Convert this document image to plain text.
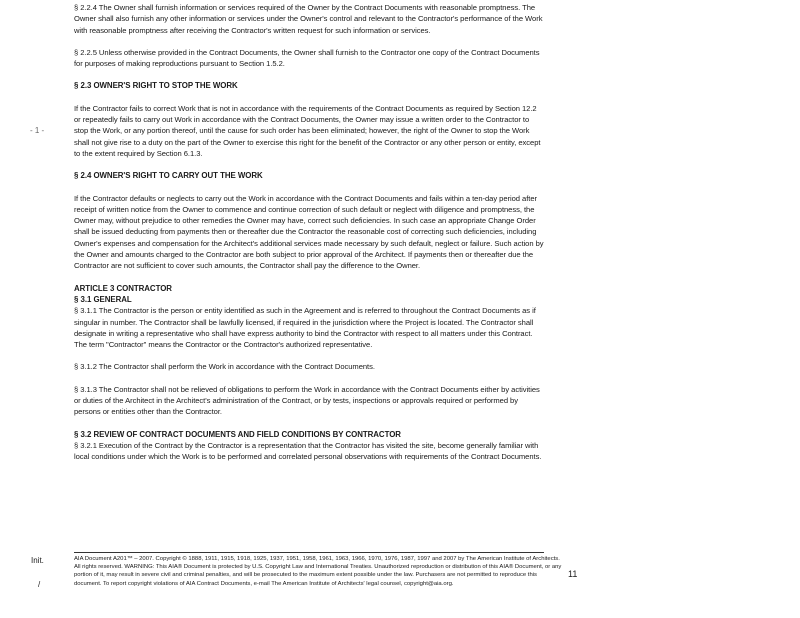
§ 2.2.4 The Owner shall furnish information or services required of the Owner by the Contract Documents with reasonable promptness. The Owner shall also furnish any other information or services under the Owner's control and relevant to the Contractor's performance of the Work with reasonable promptness after receiving the Contractor's written request for such information or services.

§ 2.2.5 Unless otherwise provided in the Contract Documents, the Owner shall furnish to the Contractor one copy of the Contract Documents for purposes of making reproductions pursuant to Section 1.5.2.

§ 2.3 OWNER'S RIGHT TO STOP THE WORK

If the Contractor fails to correct Work that is not in accordance with the requirements of the Contract Documents as required by Section 12.2 or repeatedly fails to carry out Work in accordance with the Contract Documents, the Owner may issue a written order to the Contractor to stop the Work, or any portion thereof, until the cause for such order has been eliminated; however, the right of the Owner to stop the Work shall not give rise to a duty on the part of the Owner to exercise this right for the benefit of the Contractor or any other person or entity, except to the extent required by Section 6.1.3.

§ 2.4 OWNER'S RIGHT TO CARRY OUT THE WORK

If the Contractor defaults or neglects to carry out the Work in accordance with the Contract Documents and fails within a ten-day period after receipt of written notice from the Owner to commence and continue correction of such default or neglect with diligence and promptness, the Owner may, without prejudice to other remedies the Owner may have, correct such deficiencies. In such case an appropriate Change Order shall be issued deducting from payments then or thereafter due the Contractor the reasonable cost of correcting such deficiencies, including Owner's expenses and compensation for the Architect's additional services made necessary by such default, neglect or failure. Such action by the Owner and amounts charged to the Contractor are both subject to prior approval of the Architect. If payments then or thereafter due the Contractor are not sufficient to cover such amounts, the Contractor shall pay the difference to the Owner.

ARTICLE 3 CONTRACTOR

§ 3.1 GENERAL

§ 3.1.1 The Contractor is the person or entity identified as such in the Agreement and is referred to throughout the Contract Documents as if singular in number. The Contractor shall be lawfully licensed, if required in the jurisdiction where the Project is located. The Contractor shall designate in writing a representative who shall have express authority to bind the Contractor with respect to all matters under this Contract. The term "Contractor" means the Contractor or the Contractor's authorized representative.

§ 3.1.2 The Contractor shall perform the Work in accordance with the Contract Documents.

§ 3.1.3 The Contractor shall not be relieved of obligations to perform the Work in accordance with the Contract Documents either by activities or duties of the Architect in the Architect's administration of the Contract, or by tests, inspections or approvals required or performed by persons or entities other than the Contractor.

§ 3.2 REVIEW OF CONTRACT DOCUMENTS AND FIELD CONDITIONS BY CONTRACTOR

§ 3.2.1 Execution of the Contract by the Contractor is a representation that the Contractor has visited the site, become generally familiar with local conditions under which the Work is to be performed and correlated personal observations with requirements of the Contract Documents.

- 1 -
Init.
/

AIA Document A201™ – 2007. Copyright © 1888, 1911, 1915, 1918, 1925, 1937, 1951, 1958, 1961, 1963, 1966, 1970, 1976, 1987, 1997 and 2007 by The American Institute of Architects. All rights reserved. WARNING: This AIA® Document is protected by U.S. Copyright Law and International Treaties. Unauthorized reproduction or distribution of this AIA® Document, or any portion of it, may result in severe civil and criminal penalties, and will be prosecuted to the maximum extent possible under the law. Purchasers are not permitted to reproduce this document. To report copyright violations of AIA Contract Documents, e-mail The American Institute of Architects' legal counsel, copyright@aia.org.

11
